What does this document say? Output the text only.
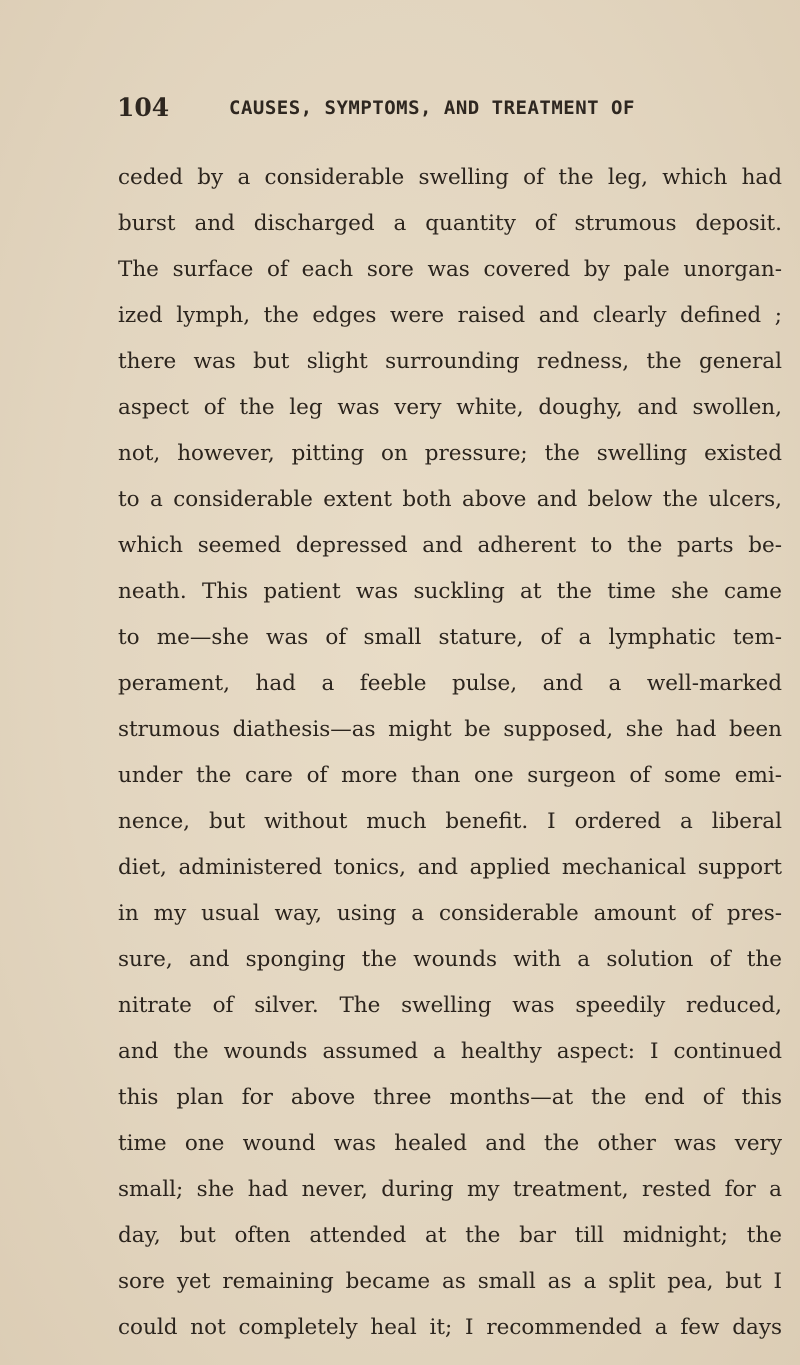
104	CAUSES, SYMPTOMS, AND TREATMENT OF
ceded by a considerable swelling of the leg, which had
burst and discharged a quantity of strumous deposit.
The surface of each sore was covered by pale unorgan-
ized lymph, the edges were raised and clearly defined ;
there was but slight surrounding redness, the general
aspect of the leg was very white, doughy, and swollen,
not, however, pitting on pressure; the swelling existed
to a considerable extent both above and below the ulcers,
which seemed depressed and adherent to the parts be-
neath. This patient was suckling at the time she came
to me—she was of small stature, of a lymphatic tem-
perament, had a feeble pulse, and a well-marked
strumous diathesis—as might be supposed, she had been
under the care of more than one surgeon of some emi-
nence, but without much benefit. I ordered a liberal
diet, administered tonics, and applied mechanical support
in my usual way, using a considerable amount of pres-
sure, and sponging the wounds with a solution of the
nitrate of silver. The swelling was speedily reduced,
and the wounds assumed a healthy aspect: I continued
this plan for above three months—at the end of this
time one wound was healed and the other was very
small; she had never, during my treatment, rested for a
day, but often attended at the bar till midnight; the
sore yet remaining became as small as a split pea, but I
could not completely heal it; I recommended a few days
